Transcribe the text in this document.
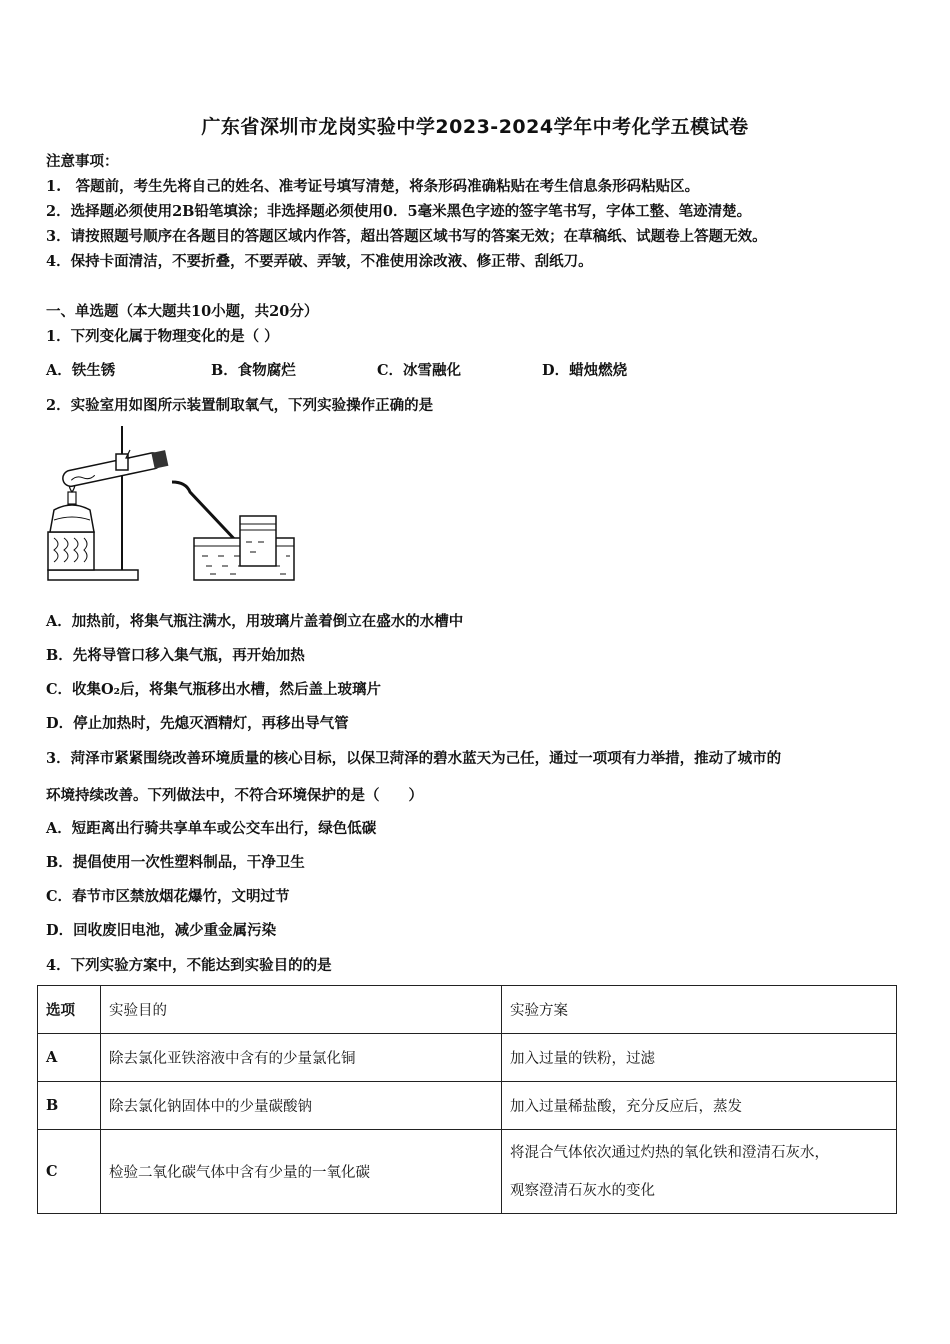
广东省深圳市龙岗实验中学2023-2024学年中考化学五模试卷
注意事项：
1.　答题前，考生先将自己的姓名、准考证号填写清楚，将条形码准确粘贴在考生信息条形码粘贴区。
2．选择题必须使用2B铅笔填涂；非选择题必须使用0．5毫米黑色字迹的签字笔书写，字体工整、笔迹清楚。
3．请按照题号顺序在各题目的答题区域内作答，超出答题区域书写的答案无效；在草稿纸、试题卷上答题无效。
4．保持卡面清洁，不要折叠，不要弄破、弄皱，不准使用涂改液、修正带、刮纸刀。
一、单选题（本大题共10小题，共20分）
1．下列变化属于物理变化的是（ ）
A．铁生锈	B．食物腐烂	C．冰雪融化	D．蜡烛燃烧
2．实验室用如图所示装置制取氧气，下列实验操作正确的是
A．加热前，将集气瓶注满水，用玻璃片盖着倒立在盛水的水槽中
B．先将导管口移入集气瓶，再开始加热
C．收集O₂后，将集气瓶移出水槽，然后盖上玻璃片
D．停止加热时，先熄灭酒精灯，再移出导气管
3．菏泽市紧紧围绕改善环境质量的核心目标，以保卫菏泽的碧水蓝天为己任，通过一项项有力举措，推动了城市的
环境持续改善。下列做法中，不符合环境保护的是（　　）
A．短距离出行骑共享单车或公交车出行，绿色低碳
B．提倡使用一次性塑料制品，干净卫生
C．春节市区禁放烟花爆竹，文明过节
D．回收废旧电池，减少重金属污染
4．下列实验方案中，不能达到实验目的的是
选项	实验目的	实验方案
A	除去氯化亚铁溶液中含有的少量氯化铜	加入过量的铁粉，过滤
B	除去氯化钠固体中的少量碳酸钠	加入过量稀盐酸，充分反应后，蒸发
C	检验二氧化碳气体中含有少量的一氧化碳	将混合气体依次通过灼热的氧化铁和澄清石灰水，
观察澄清石灰水的变化
